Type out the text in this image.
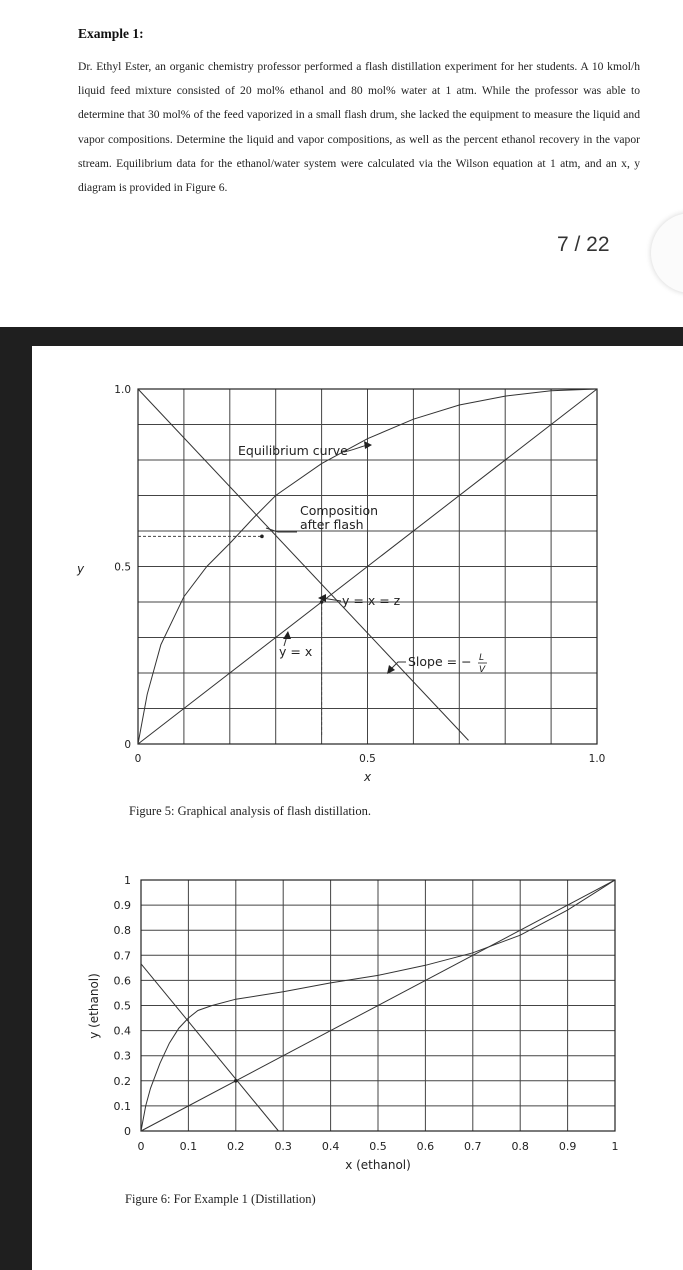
Example 1:
Dr. Ethyl Ester, an organic chemistry professor performed a flash distillation experiment for her students. A 10 kmol/h liquid feed mixture consisted of 20 mol% ethanol and 80 mol% water at 1 atm. While the professor was able to determine that 30 mol% of the feed vaporized in a small flash drum, she lacked the equipment to measure the liquid and vapor compositions. Determine the liquid and vapor compositions, as well as the percent ethanol recovery in the vapor stream. Equilibrium data for the ethanol/water system were calculated via the Wilson equation at 1 atm, and an x, y diagram is provided in Figure 6.
7 / 22
0	0.5	1.0
0
0.5
1.0
y
x
Equilibrium curve
Composition
after flash
y = x = z
y = x
Slope = − L
V
Figure 5: Graphical analysis of flash distillation.
0	0.1	0.2	0.3	0.4	0.5	0.6	0.7	0.8	0.9	1
0
0.1
0.2
0.3
0.4
0.5
0.6
0.7
0.8
0.9
1
x (ethanol)
y (ethanol)
Figure 6: For Example 1 (Distillation)
